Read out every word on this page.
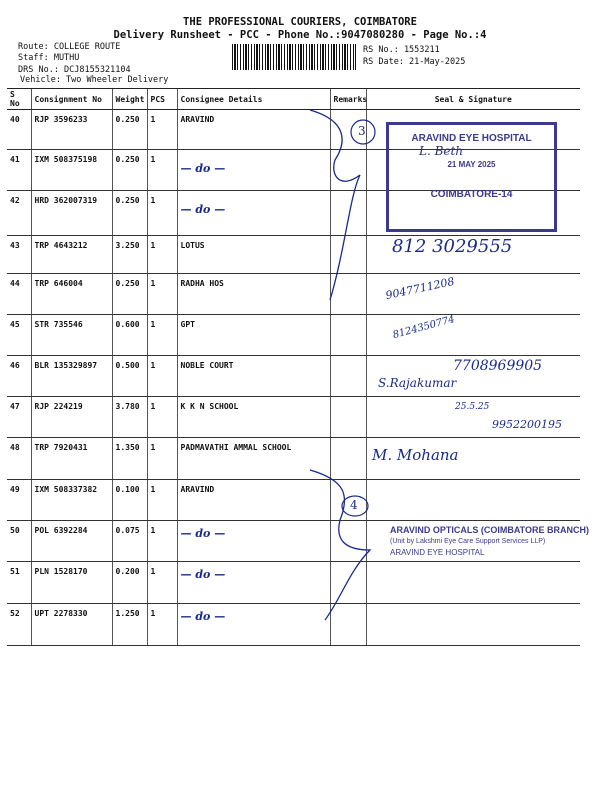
THE PROFESSIONAL COURIERS, COIMBATORE
Delivery Runsheet - PCC - Phone No.:9047080280 - Page No.:4
Route: COLLEGE ROUTE
Staff: MUTHU
DRS No.: DCJ8155321104
Vehicle: Two Wheeler Delivery
RS No.: 1553211
RS Date: 21-May-2025
S No	Consignment No	Weight	PCS	Consignee Details	Remarks	Seal & Signature
40	RJP 3596233	0.250	1	ARAVIND		
41	IXM 508375198	0.250	1	— do —		
42	HRD 362007319	0.250	1	— do —		
43	TRP 4643212	3.250	1	LOTUS		
44	TRP 646004	0.250	1	RADHA HOS		
45	STR 735546	0.600	1	GPT		
46	BLR 135329897	0.500	1	NOBLE COURT		
47	RJP 224219	3.780	1	K K N SCHOOL		
48	TRP 7920431	1.350	1	PADMAVATHI AMMAL SCHOOL		
49	IXM 508337382	0.100	1	ARAVIND		
50	POL 6392284	0.075	1	— do —		
51	PLN 1528170	0.200	1	— do —		
52	UPT 2278330	1.250	1	— do —		
3
4
ARAVIND EYE HOSPITAL
L. Beth
21 MAY 2025
COIMBATORE-14
812 3029555
9047711208
8124350774
7708969905
S.Rajakumar
25.5.25
9952200195
M. Mohana
ARAVIND OPTICALS (COIMBATORE BRANCH)
(Unit by Lakshmi Eye Care Support Services LLP)
ARAVIND EYE HOSPITAL
